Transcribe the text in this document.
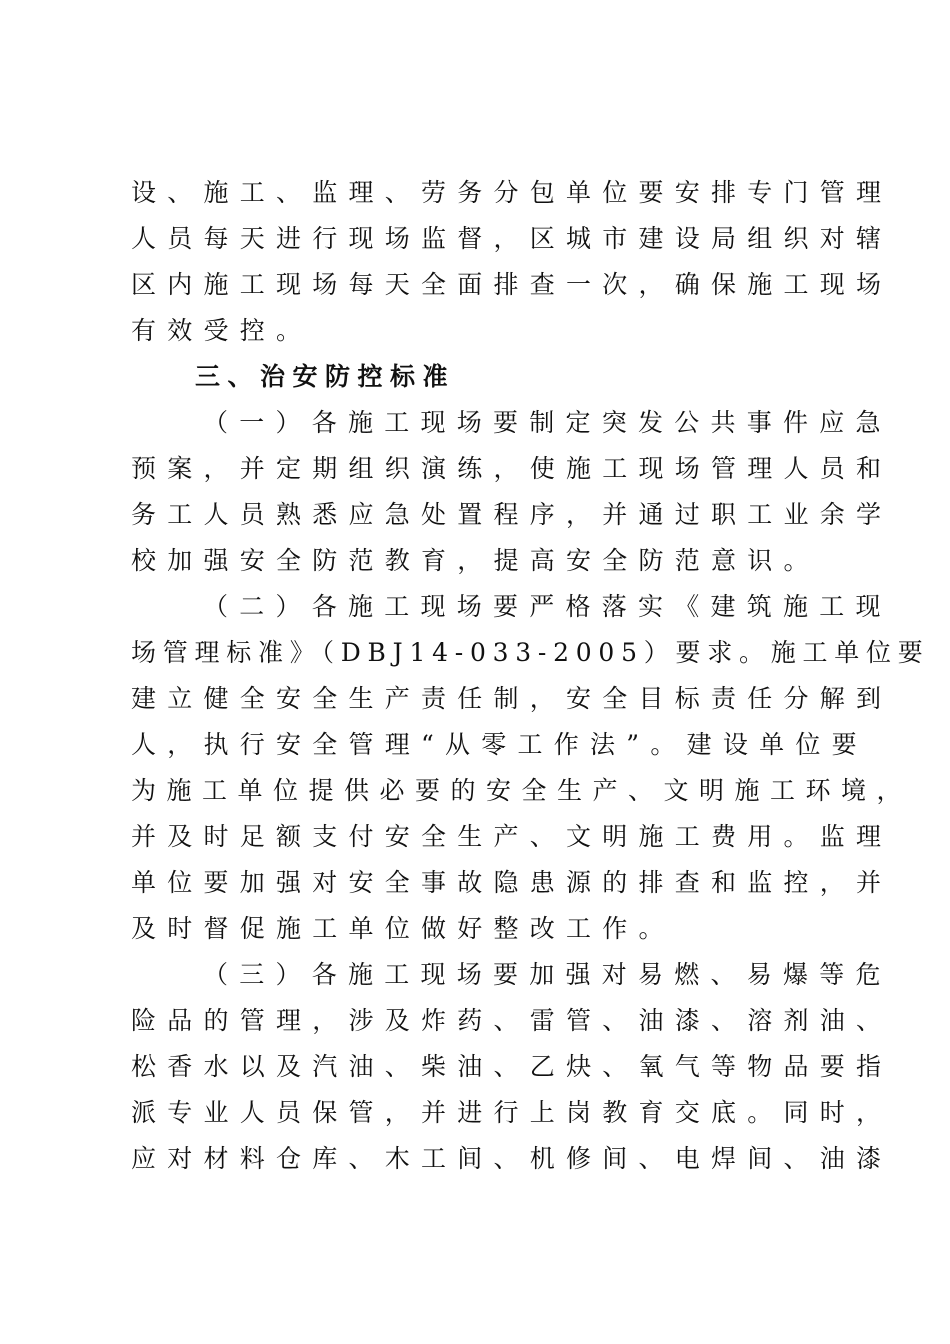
设、施工、监理、劳务分包单位要安排专门管理
人员每天进行现场监督，区城市建设局组织对辖
区内施工现场每天全面排查一次，确保施工现场
有效受控。
三、治安防控标准
（一）各施工现场要制定突发公共事件应急
预案，并定期组织演练，使施工现场管理人员和
务工人员熟悉应急处置程序，并通过职工业余学
校加强安全防范教育，提高安全防范意识。
（二）各施工现场要严格落实《建筑施工现
场管理标准》（DBJ14-033-2005）要求。施工单位要
建立健全安全生产责任制，安全目标责任分解到
人，执行安全管理“从零工作法”。建设单位要
为施工单位提供必要的安全生产、文明施工环境，
并及时足额支付安全生产、文明施工费用。监理
单位要加强对安全事故隐患源的排查和监控，并
及时督促施工单位做好整改工作。
（三）各施工现场要加强对易燃、易爆等危
险品的管理，涉及炸药、雷管、油漆、溶剂油、
松香水以及汽油、柴油、乙炔、氧气等物品要指
派专业人员保管，并进行上岗教育交底。同时，
应对材料仓库、木工间、机修间、电焊间、油漆
